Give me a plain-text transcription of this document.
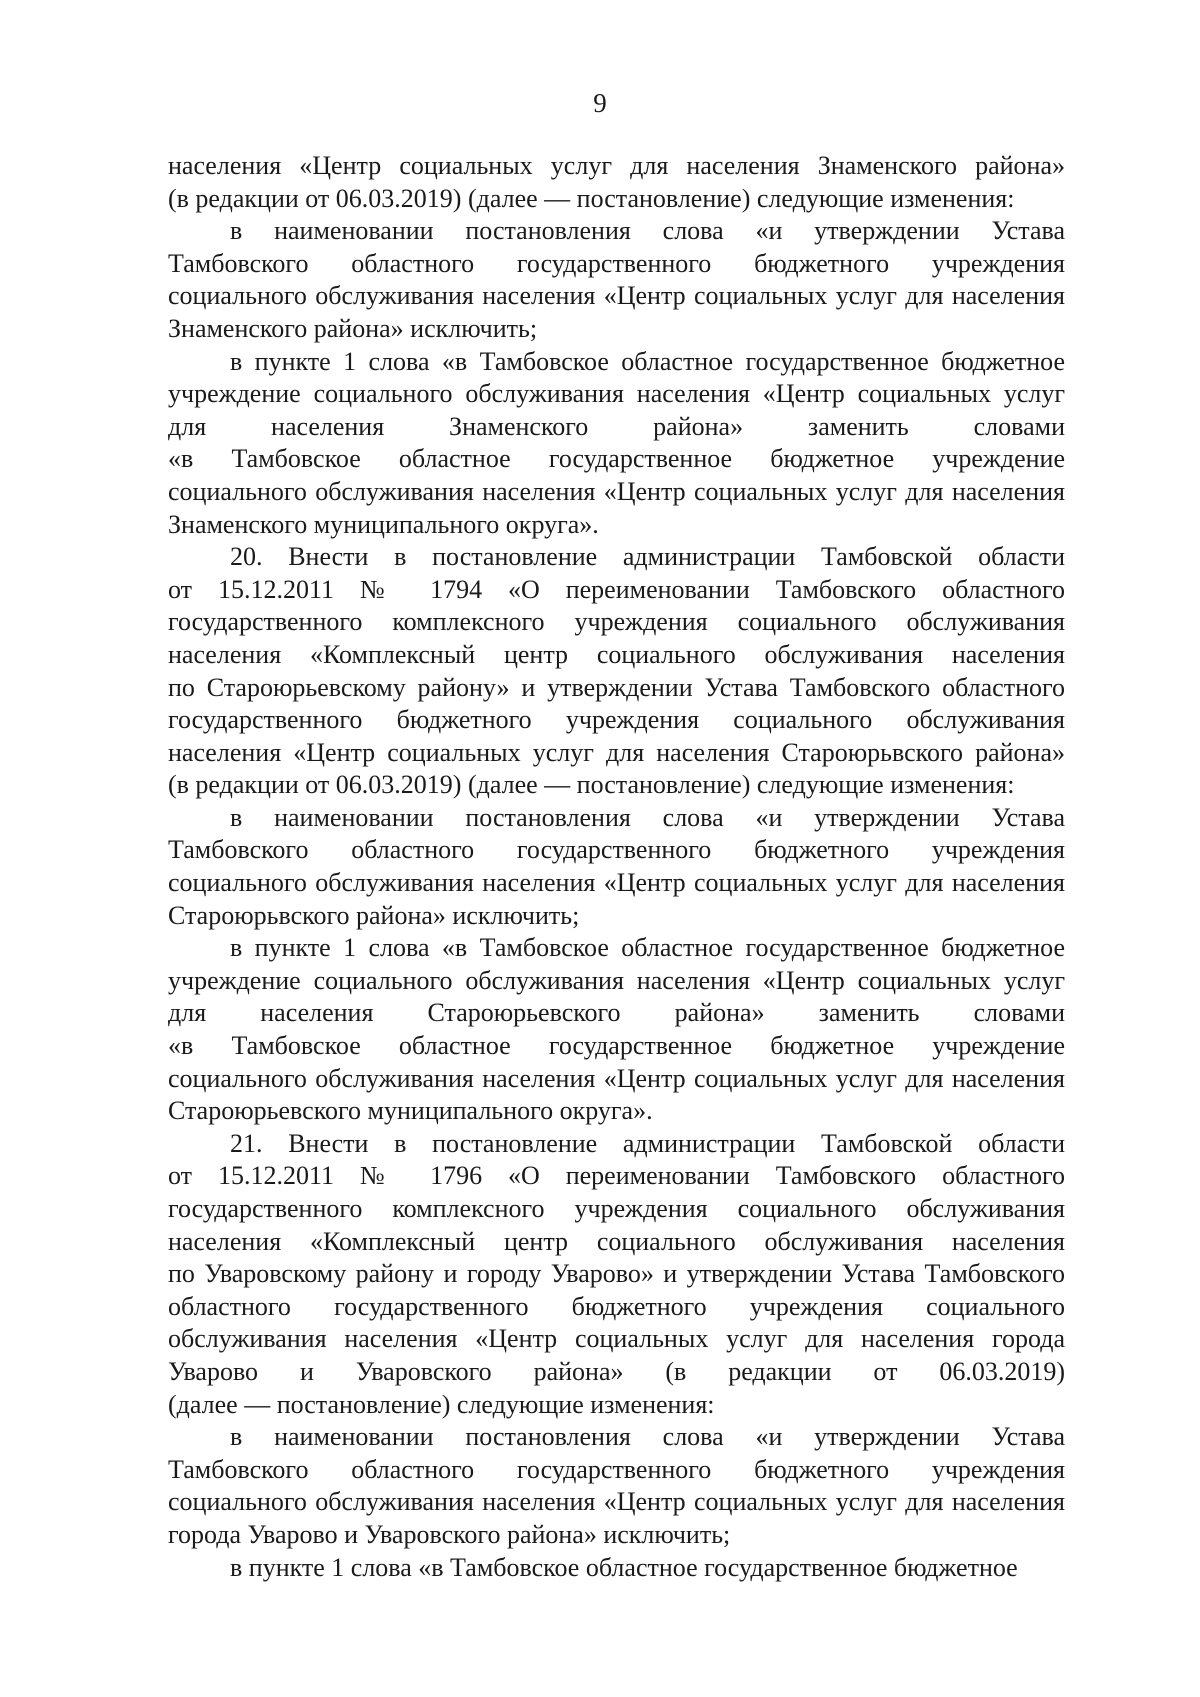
9
населения «Центр социальных услуг для населения Знаменского района»
(в редакции от 06.03.2019) (далее — постановление) следующие изменения:
в наименовании постановления слова «и утверждении Устава
Тамбовского областного государственного бюджетного учреждения
социального обслуживания населения «Центр социальных услуг для населения
Знаменского района» исключить;
в пункте 1 слова «в Тамбовское областное государственное бюджетное
учреждение социального обслуживания населения «Центр социальных услуг
для населения Знаменского района» заменить словами
«в Тамбовское областное государственное бюджетное учреждение
социального обслуживания населения «Центр социальных услуг для населения
Знаменского муниципального округа».
20. Внести в постановление администрации Тамбовской области
от 15.12.2011 № 1794 «О переименовании Тамбовского областного
государственного комплексного учреждения социального обслуживания
населения «Комплексный центр социального обслуживания населения
по Староюрьевскому району» и утверждении Устава Тамбовского областного
государственного бюджетного учреждения социального обслуживания
населения «Центр социальных услуг для населения Староюрьвского района»
(в редакции от 06.03.2019) (далее — постановление) следующие изменения:
в наименовании постановления слова «и утверждении Устава
Тамбовского областного государственного бюджетного учреждения
социального обслуживания населения «Центр социальных услуг для населения
Староюрьвского района» исключить;
в пункте 1 слова «в Тамбовское областное государственное бюджетное
учреждение социального обслуживания населения «Центр социальных услуг
для населения Староюрьевского района» заменить словами
«в Тамбовское областное государственное бюджетное учреждение
социального обслуживания населения «Центр социальных услуг для населения
Староюрьевского муниципального округа».
21. Внести в постановление администрации Тамбовской области
от 15.12.2011 № 1796 «О переименовании Тамбовского областного
государственного комплексного учреждения социального обслуживания
населения «Комплексный центр социального обслуживания населения
по Уваровскому району и городу Уварово» и утверждении Устава Тамбовского
областного государственного бюджетного учреждения социального
обслуживания населения «Центр социальных услуг для населения города
Уварово и Уваровского района» (в редакции от 06.03.2019)
(далее — постановление) следующие изменения:
в наименовании постановления слова «и утверждении Устава
Тамбовского областного государственного бюджетного учреждения
социального обслуживания населения «Центр социальных услуг для населения
города Уварово и Уваровского района» исключить;
в пункте 1 слова «в Тамбовское областное государственное бюджетное
